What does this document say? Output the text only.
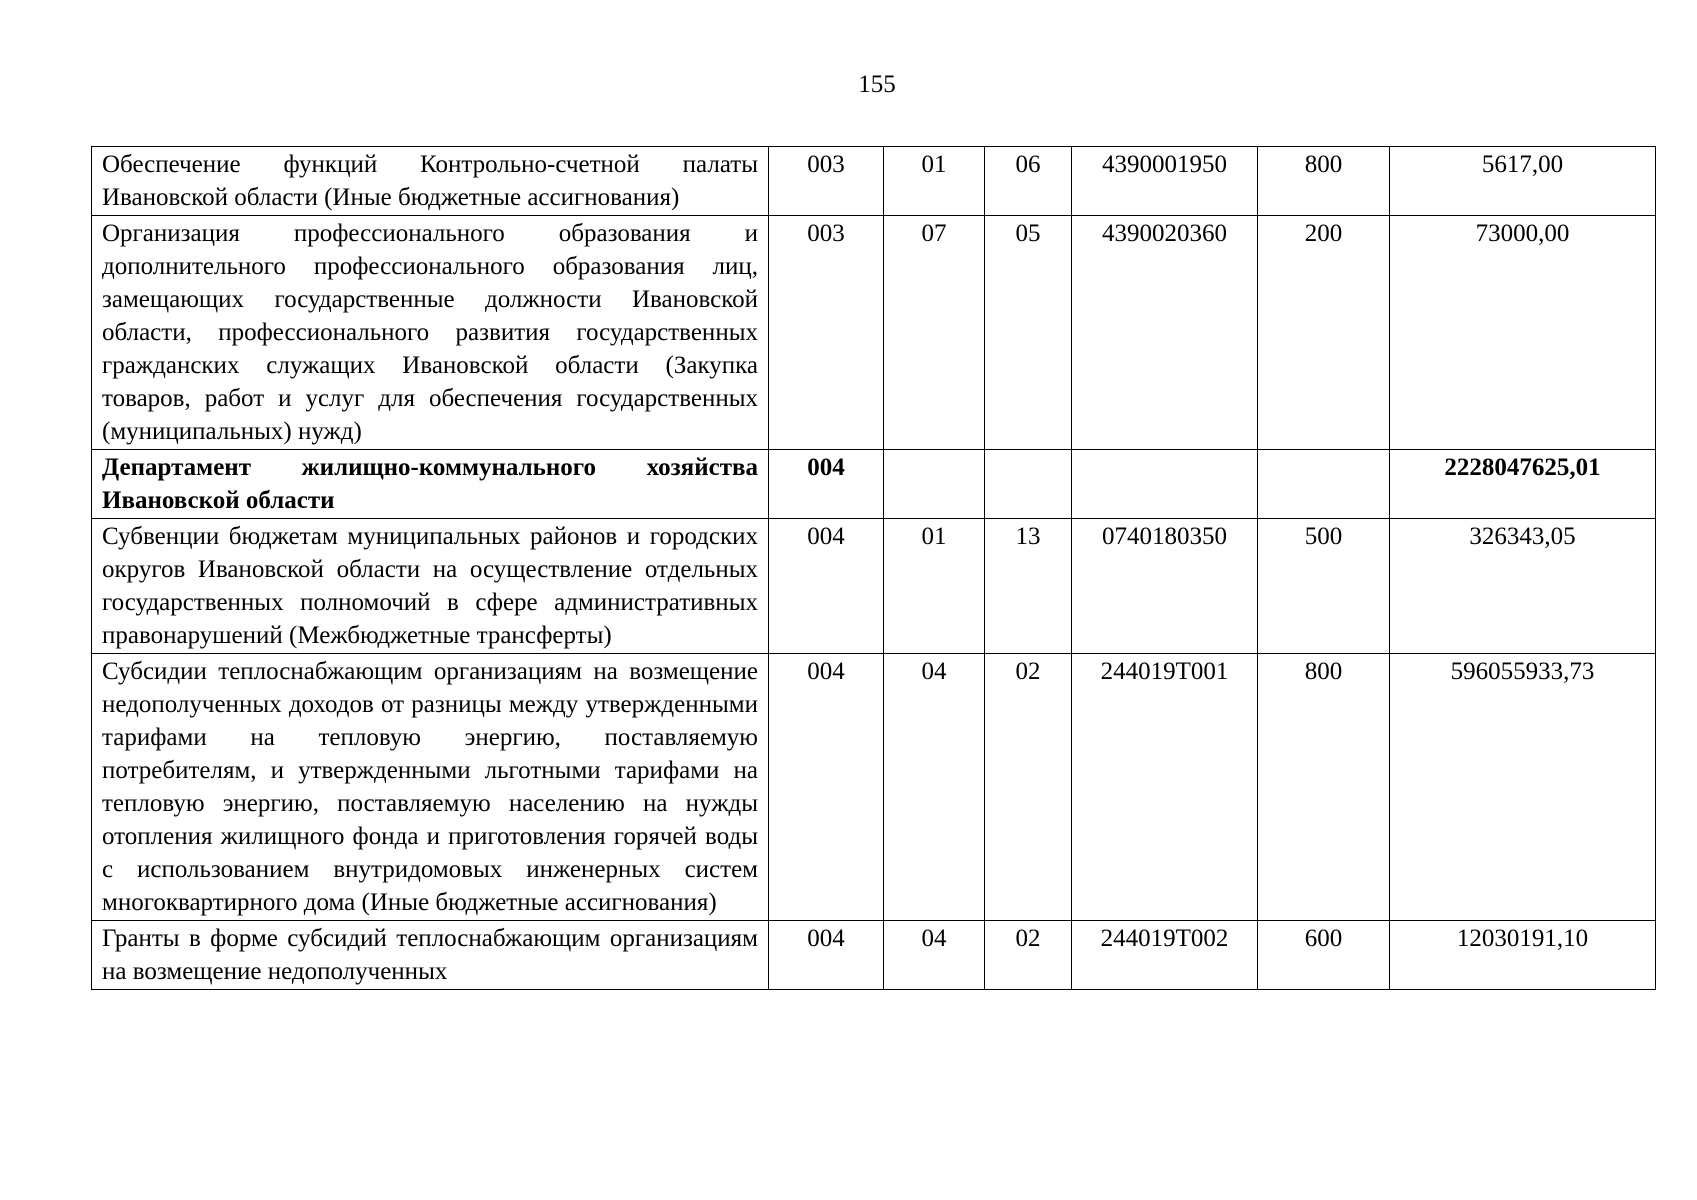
155
Обеспечение функций Контрольно-счетной палаты Ивановской области (Иные бюджетные ассигнования)	003	01	06	4390001950	800	5617,00
Организация профессионального образования и дополнительного профессионального образования лиц, замещающих государственные должности Ивановской области, профессионального развития государственных гражданских служащих Ивановской области (Закупка товаров, работ и услуг для обеспечения государственных (муниципальных) нужд)	003	07	05	4390020360	200	73000,00
Департамент жилищно-коммунального хозяйства Ивановской области	004					2228047625,01
Субвенции бюджетам муниципальных районов и городских округов Ивановской области на осуществление отдельных государственных полномочий в сфере административных правонарушений (Межбюджетные трансферты)	004	01	13	0740180350	500	326343,05
Субсидии теплоснабжающим организациям на возмещение недополученных доходов от разницы между утвержденными тарифами на тепловую энергию, поставляемую потребителям, и утвержденными льготными тарифами на тепловую энергию, поставляемую населению на нужды отопления жилищного фонда и приготовления горячей воды с использованием внутридомовых инженерных систем многоквартирного дома (Иные бюджетные ассигнования)	004	04	02	244019Т001	800	596055933,73
Гранты в форме субсидий теплоснабжающим организациям на возмещение недополученных	004	04	02	244019Т002	600	12030191,10
